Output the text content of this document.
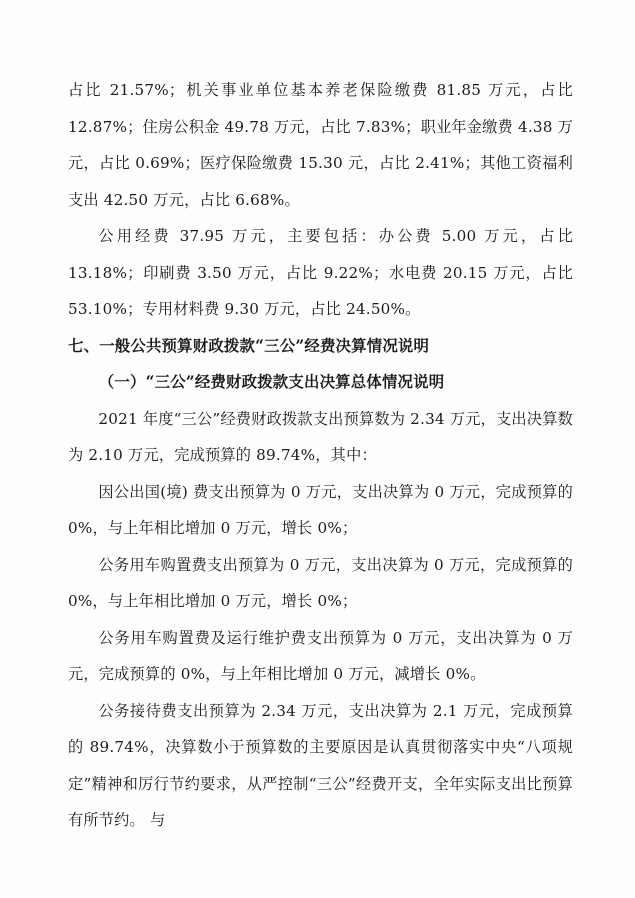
占比 21.57%；机关事业单位基本养老保险缴费 81.85 万元，占比 12.87%；住房公积金 49.78 万元，占比 7.83%；职业年金缴费 4.38 万元，占比 0.69%；医疗保险缴费 15.30 元，占比 2.41%；其他工资福利支出 42.50 万元，占比 6.68%。

公用经费 37.95 万元，主要包括：办公费 5.00 万元，占比 13.18%；印刷费 3.50 万元，占比 9.22%；水电费 20.15 万元，占比 53.10%；专用材料费 9.30 万元，占比 24.50%。

七、一般公共预算财政拨款“三公”经费决算情况说明
（一）“三公”经费财政拨款支出决算总体情况说明

2021 年度“三公”经费财政拨款支出预算数为 2.34 万元，支出决算数为 2.10 万元，完成预算的 89.74%，其中：

因公出国(境) 费支出预算为 0 万元，支出决算为 0 万元，完成预算的 0%，与上年相比增加 0 万元，增长 0%；

公务用车购置费支出预算为 0 万元，支出决算为 0 万元，完成预算的 0%，与上年相比增加 0 万元，增长 0%；

公务用车购置费及运行维护费支出预算为 0 万元，支出决算为 0 万元，完成预算的 0%，与上年相比增加 0 万元，减增长 0%。

公务接待费支出预算为 2.34 万元，支出决算为 2.1 万元，完成预算的 89.74%，决算数小于预算数的主要原因是认真贯彻落实中央“八项规定”精神和厉行节约要求，从严控制“三公”经费开支，全年实际支出比预算有所节约。 与
